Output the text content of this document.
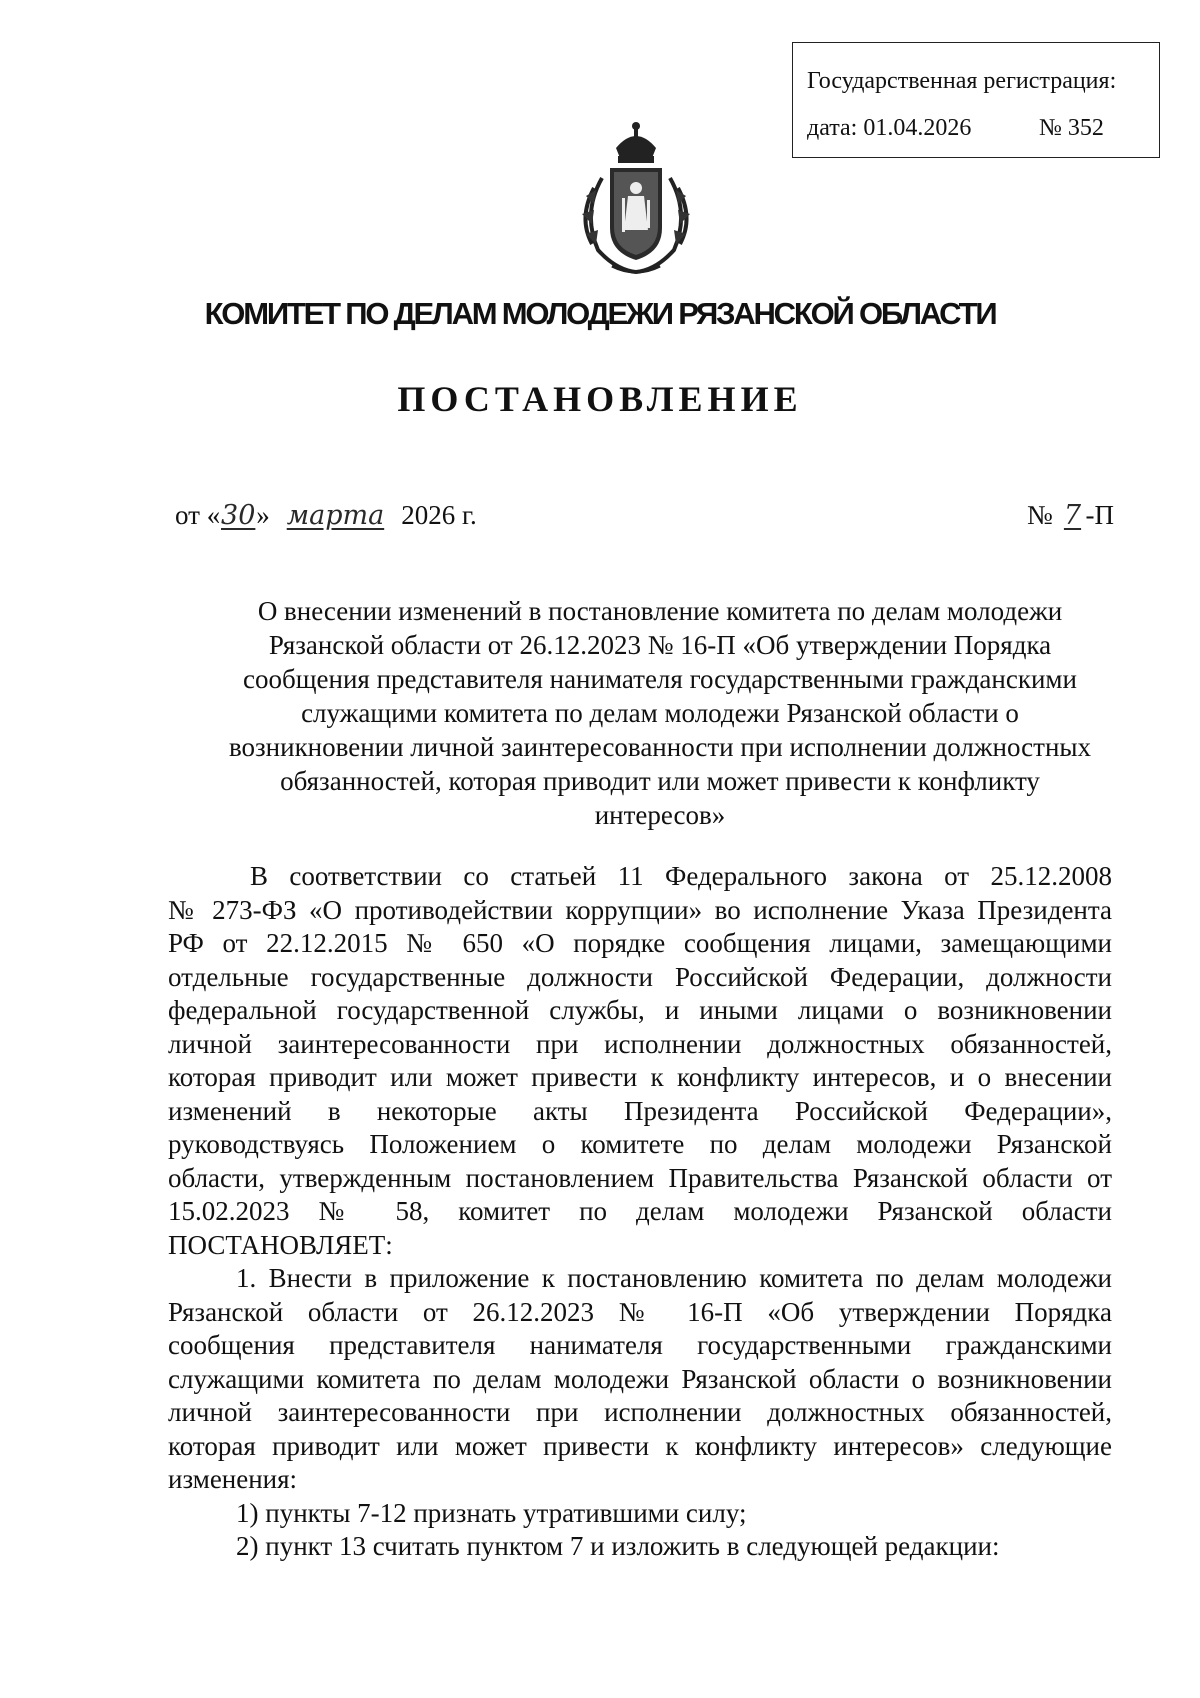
Государственная регистрация:
дата: 01.04.2026	№ 352
КОМИТЕТ ПО ДЕЛАМ МОЛОДЕЖИ РЯЗАНСКОЙ ОБЛАСТИ
ПОСТАНОВЛЕНИЕ
от «30» марта 2026 г.	№ 7 -П
О внесении изменений в постановление комитета по делам молодежи
Рязанской области от 26.12.2023 № 16-П «Об утверждении Порядка
сообщения представителя нанимателя государственными гражданскими
служащими комитета по делам молодежи Рязанской области о
возникновении личной заинтересованности при исполнении должностных
обязанностей, которая приводит или может привести к конфликту
интересов»
В соответствии со статьей 11 Федерального закона от 25.12.2008
№ 273-ФЗ «О противодействии коррупции» во исполнение Указа Президента
РФ от 22.12.2015 № 650 «О порядке сообщения лицами, замещающими
отдельные государственные должности Российской Федерации, должности
федеральной государственной службы, и иными лицами о возникновении
личной заинтересованности при исполнении должностных обязанностей,
которая приводит или может привести к конфликту интересов, и о внесении
изменений в некоторые акты Президента Российской Федерации»,
руководствуясь Положением о комитете по делам молодежи Рязанской
области, утвержденным постановлением Правительства Рязанской области от
15.02.2023 № 58, комитет по делам молодежи Рязанской области
ПОСТАНОВЛЯЕТ:
1. Внести в приложение к постановлению комитета по делам молодежи
Рязанской области от 26.12.2023 № 16-П «Об утверждении Порядка
сообщения представителя нанимателя государственными гражданскими
служащими комитета по делам молодежи Рязанской области о возникновении
личной заинтересованности при исполнении должностных обязанностей,
которая приводит или может привести к конфликту интересов» следующие
изменения:
1) пункты 7-12 признать утратившими силу;
2) пункт 13 считать пунктом 7 и изложить в следующей редакции:
